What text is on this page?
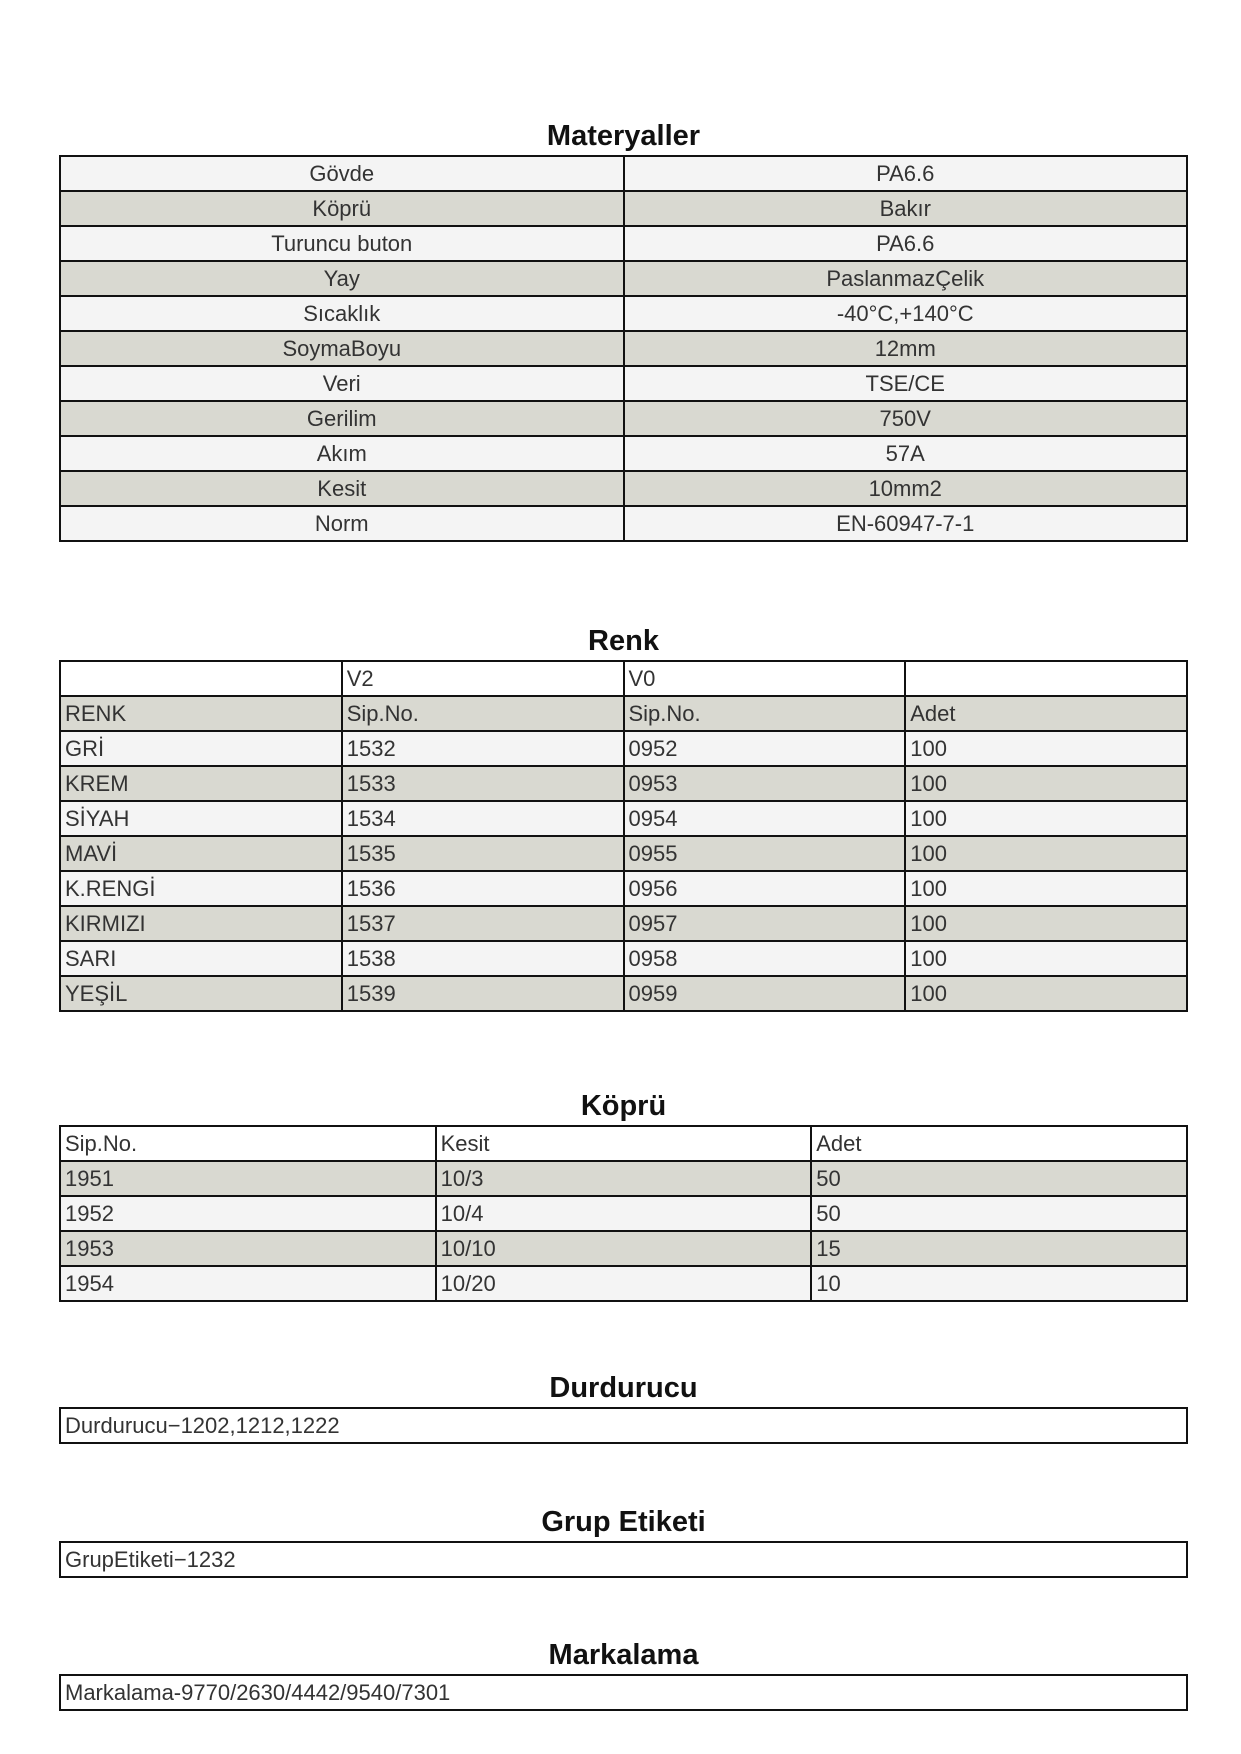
Materyaller
Gövde	PA6.6
Köprü	Bakır
Turuncu buton	PA6.6
Yay	PaslanmazÇelik
Sıcaklık	-40°C,+140°C
SoymaBoyu	12mm
Veri	TSE/CE
Gerilim	750V
Akım	57A
Kesit	10mm2
Norm	EN-60947-7-1
Renk
	V2	V0	
RENK	Sip.No.	Sip.No.	Adet
GRİ	1532	0952	100
KREM	1533	0953	100
SİYAH	1534	0954	100
MAVİ	1535	0955	100
K.RENGİ	1536	0956	100
KIRMIZI	1537	0957	100
SARI	1538	0958	100
YEŞİL	1539	0959	100
Köprü
Sip.No.	Kesit	Adet
1951	10/3	50
1952	10/4	50
1953	10/10	15
1954	10/20	10
Durdurucu
Durdurucu−1202,1212,1222
Grup Etiketi
GrupEtiketi−1232
Markalama
Markalama-9770/2630/4442/9540/7301
